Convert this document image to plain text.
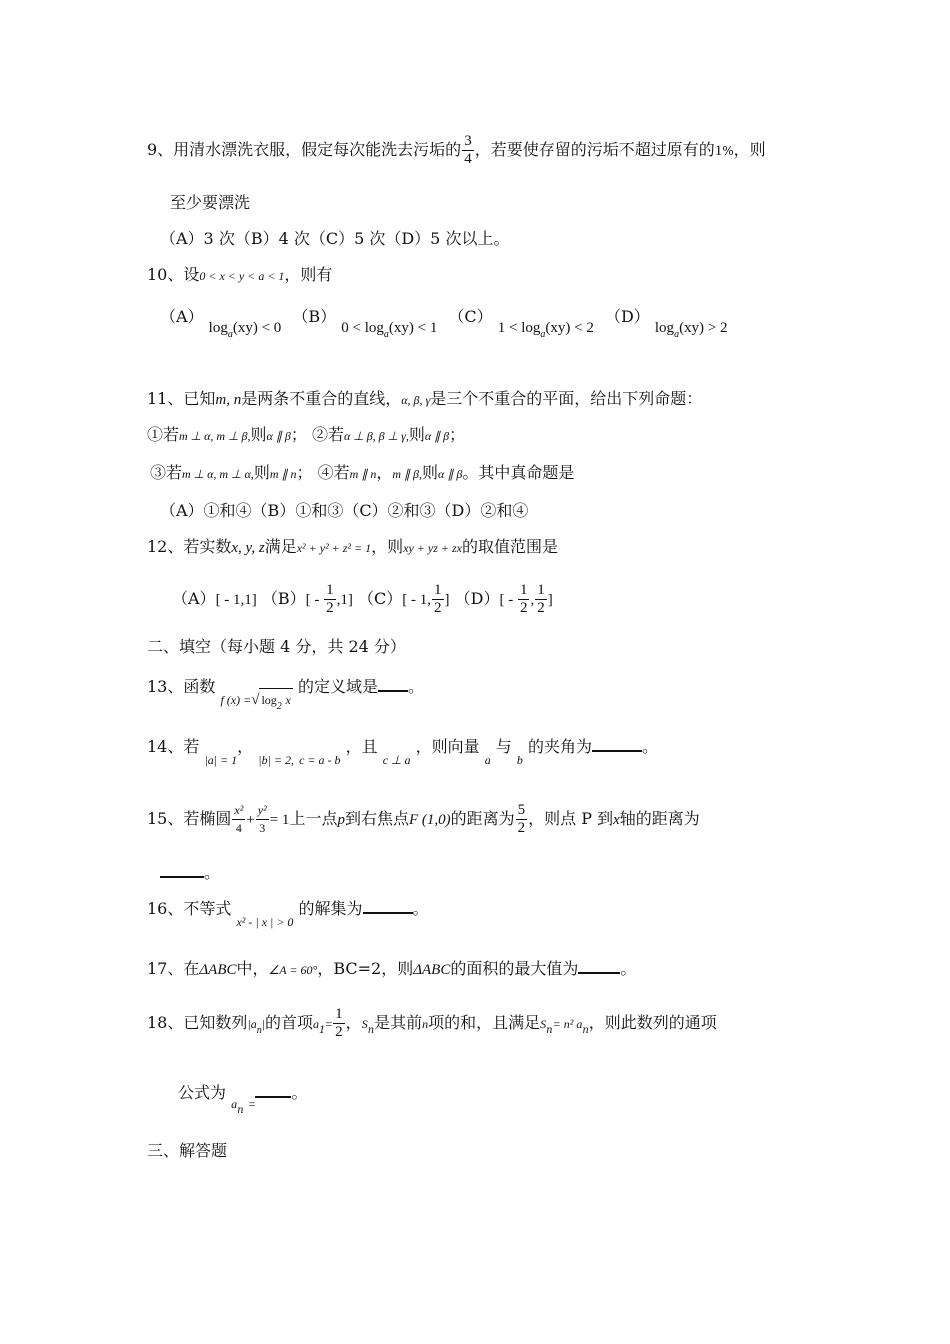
9、用清水漂洗衣服，假定每次能洗去污垢的 $\frac{3}{4}$ ，若要使存留的污垢不超过原有的1%，则
至少要漂洗
（A）3 次（B）4 次（C）5 次（D）5 次以上。
10、设0 < x < y < a < 1，则有
（A） $\log_a(xy) < 0$ （B） $0 < \log_a(xy) < 1$ （C） $1 < \log_a(xy) < 2$ （D） $\log_a(xy) > 2$
11、已知m, n是两条不重合的直线，α, β, γ是三个不重合的平面，给出下列命题：
①若m ⊥ α, m ⊥ β,则α ∥ β； ②若α ⊥ β, β ⊥ γ,则α ∥ β；
③若m ⊥ α, m ⊥ α,则m ∥ n； ④若m ∥ n，m ∥ β,则α ∥ β。其中真命题是
（A）①和④（B）①和③（C）②和③（D）②和④
12、若实数x, y, z满足x² + y² + z² = 1，则xy + yz + zx的取值范围是
（A）[ - 1,1] $(B)[ - \frac{1}{2} ,1]$ （C）[ - 1, $\frac{1}{2}$ ] $(D)[ - \frac{1}{2}$ , $\frac{1}{2}$ ]
二、填空（每小题 4 分，共 24 分）
13、函数 $_{f (x) =}$√ $\log_2 x$ 的定义域是 。
14、若 $_{|a| = 1}$， $_{|b| = 2,}$ $_{c = a - b}$ ，且 $_{c \perp a}$ ，则向量 $_a$ 与 $_b$ 的夹角为	。
15、若椭圆 $\frac{\text{x²}}{4} + \frac{\text{y²}}{3} = 1$上一点p到右焦点F (1,0)的距离为 $\frac{5}{2}$ ，则点 P 到x轴的距离为
。
16、不等式 $_{x^2 - | x | > 0}$ 的解集为	。
17、在ΔABC中，∠A = 60°，BC=2，则ΔABC的面积的最大值为	。
18、已知数列$|a_n|$的首项$a_1= \frac{1}{2}$ ，$S_n$是其前n项的和，且满足$S_n= n^2$ $a_n$，则此数列的通项
公式为 $a_n$ =。
三、解答题
